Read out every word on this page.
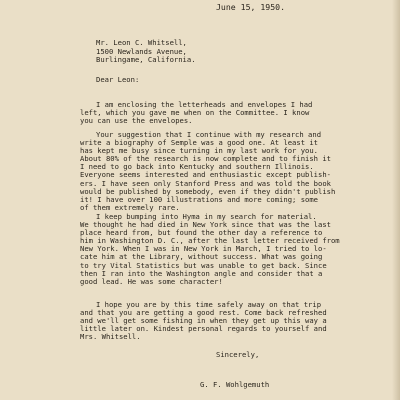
June 15, 1950.
Mr. Leon C. Whitsell,
1500 Newlands Avenue,
Burlingame, California.
Dear Leon:
I am enclosing the letterheads and envelopes I had
left, which you gave me when on the Committee. I know
you can use the envelopes.
Your suggestion that I continue with my research and
write a biography of Semple was a good one. At least it
has kept me busy since turning in my last work for you.
About 80% of the research is now complete and to finish it
I need to go back into Kentucky and southern Illinois.
Everyone seems interested and enthusiastic except publish-
ers. I have seen only Stanford Press and was told the book
would be published by somebody, even if they didn't publish
it! I have over 100 illustrations and more coming; some
of them extremely rare.
I keep bumping into Hyma in my search for material.
We thought he had died in New York since that was the last
place heard from, but found the other day a reference to
him in Washington D. C., after the last letter received from
New York. When I was in New York in March, I tried to lo-
cate him at the Library, without success. What was going
to try Vital Statistics but was unable to get back. Since
then I ran into the Washington angle and consider that a
good lead. He was some character!
I hope you are by this time safely away on that trip
and that you are getting a good rest. Come back refreshed
and we'll get some fishing in when they get up this way a
little later on. Kindest personal regards to yourself and
Mrs. Whitsell.
Sincerely,
G. F. Wohlgemuth
